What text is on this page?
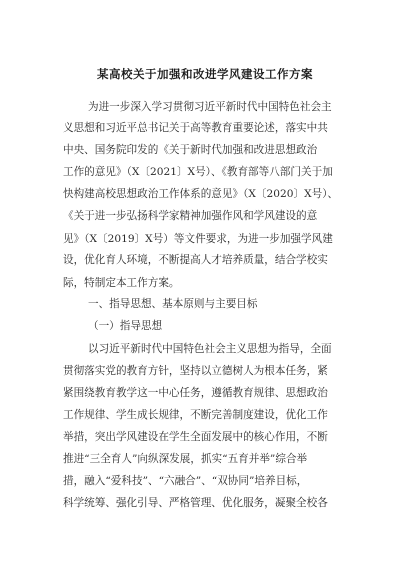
某高校关于加强和改进学风建设工作方案
为进一步深入学习贯彻习近平新时代中国特色社会主
义思想和习近平总书记关于高等教育重要论述，落实中共
中央、国务院印发的《关于新时代加强和改进思想政治
工作的意见》（X〔2021〕X号）、《教育部等八部门关于加
快构建高校思想政治工作体系的意见》（X〔2020〕X号）、
《关于进一步弘扬科学家精神加强作风和学风建设的意
见》（X〔2019〕X号）等文件要求，为进一步加强学风建
设，优化育人环境，不断提高人才培养质量，结合学校实
际，特制定本工作方案。
一、指导思想、基本原则与主要目标
（一）指导思想
以习近平新时代中国特色社会主义思想为指导，全面
贯彻落实党的教育方针，坚持以立德树人为根本任务，紧
紧围绕教育教学这一中心任务，遵循教育规律、思想政治
工作规律、学生成长规律，不断完善制度建设，优化工作
举措，突出学风建设在学生全面发展中的核心作用，不断
推进“三全育人”向纵深发展，抓实“五育并举”综合举
措，融入“爱科技”、“六融合”、“双协同”培养目标，
科学统筹、强化引导、严格管理、优化服务，凝聚全校各
